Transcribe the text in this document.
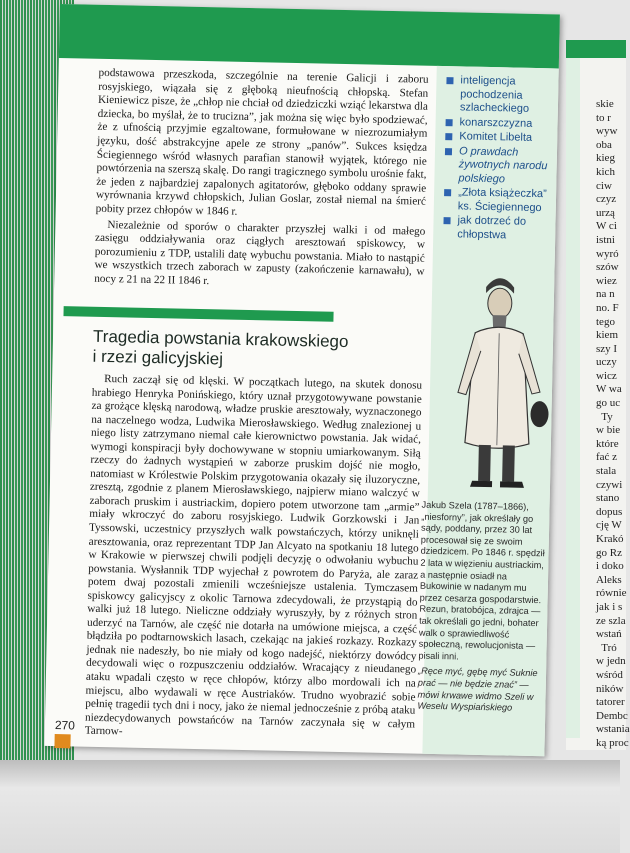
skie
to r
wyw
oba
kieg
kich
ciw
czyz
urzą
W ci
istni
wyró
szów
wiez
na n
no. F
tego
kiem
szy I
uczy
wicz
W wa
go uc
Ty
w bie
które
fać z
stala
czywi
stano
dopus
cję W
Krakó
go Rz
i doko
Aleks
równie
jak i s
ze szla
wstań
Tró
w jedn
wśród
ników
tatorer
Dembc
wstania
ką proc

podstawowa przeszkoda, szczególnie na terenie Galicji i zaboru rosyjskiego, wiązała się z głęboką nieufnością chłopską. Stefan Kieniewicz pisze, że „chłop nie chciał od dziedziczki wziąć lekarstwa dla dziecka, bo myślał, że to trucizna”, jak można się więc było spodziewać, że z ufnością przyjmie egzaltowane, formułowane w niezrozumiałym języku, dość abstrakcyjne apele ze strony „panów”. Sukces księdza Ściegiennego wśród własnych parafian stanowił wyjątek, którego nie powtórzenia na szerszą skalę. Do rangi tragicznego symbolu urośnie fakt, że jeden z najbardziej zapalonych agitatorów, głęboko oddany sprawie wyrównania krzywd chłopskich, Julian Goslar, został niemal na śmierć pobity przez chłopów w 1846 r.

Niezależnie od sporów o charakter przyszłej walki i od małego zasięgu oddziaływania oraz ciągłych aresztowań spiskowcy, w porozumieniu z TDP, ustalili datę wybuchu powstania. Miało to nastąpić we wszystkich trzech zaborach w zapusty (zakończenie karnawału), w nocy z 21 na 22 II 1846 r.

Tragedia powstania krakowskiego
i rzezi galicyjskiej

Ruch zaczął się od klęski. W początkach lutego, na skutek donosu hrabiego Henryka Ponińskiego, który uznał przygotowywane powstanie za grożące klęską narodową, władze pruskie aresztowały, wyznaczonego na naczelnego wodza, Ludwika Mierosławskiego. Według znalezionej u niego listy zatrzymano niemal całe kierownictwo powstania. Jak widać, wymogi konspiracji były dochowywane w stopniu umiarkowanym. Siłą rzeczy do żadnych wystąpień w zaborze pruskim dojść nie mogło, natomiast w Królestwie Polskim przygotowania okazały się iluzoryczne, zresztą, zgodnie z planem Mierosławskiego, najpierw miano walczyć w zaborach pruskim i austriackim, dopiero potem utworzone tam „armie” miały wkroczyć do zaboru rosyjskiego. Ludwik Gorzkowski i Jan Tyssowski, uczestnicy przyszłych walk powstańczych, którzy uniknęli aresztowania, oraz reprezentant TDP Jan Alcyato na spotkaniu 18 lutego w Krakowie w pierwszej chwili podjęli decyzję o odwołaniu wybuchu powstania. Wysłannik TDP wyjechał z powrotem do Paryża, ale zaraz potem dwaj pozostali zmienili wcześniejsze ustalenia. Tymczasem spiskowcy galicyjscy z okolic Tarnowa zdecydowali, że przystąpią do walki już 18 lutego. Nieliczne oddziały wyruszyły, by z różnych stron uderzyć na Tarnów, ale część nie dotarła na umówione miejsca, a część błądziła po podtarnowskich lasach, czekając na jakieś rozkazy. Rozkazy jednak nie nadeszły, bo nie miały od kogo nadejść, niektórzy dowódcy decydowali więc o rozpuszczeniu oddziałów. Wracający z nieudanego ataku wpadali często w ręce chłopów, którzy albo mordowali ich na miejscu, albo wydawali w ręce Austriaków. Trudno wyobrazić sobie pełnię tragedii tych dni i nocy, jako że niemal jednocześnie z próbą ataku niezdecydowanych powstańców na Tarnów zaczynała się w całym Tarnow-

inteligencja pochodzenia szlacheckiego
konarszczyzna
Komitet Libelta
O prawdach żywotnych narodu polskiego
„Złota książeczka” ks. Ściegiennego
jak dotrzeć do chłopstwa

Jakub Szela (1787–1866), „niesforny”, jak określały go sądy, poddany, przez 30 lat procesował się ze swoim dziedzicem. Po 1846 r. spędził 2 lata w więzieniu austriackim, a następnie osiadł na Bukowinie w nadanym mu przez cesarza gospodarstwie. Rezun, bratobójca, zdrajca — tak określali go jedni, bohater walk o sprawiedliwość społeczną, rewolucjonista — pisali inni.

„Ręce myć, gębę myć Suknie prać — nie będzie znać” — mówi krwawe widmo Szeli w Weselu Wyspiańskiego

270
